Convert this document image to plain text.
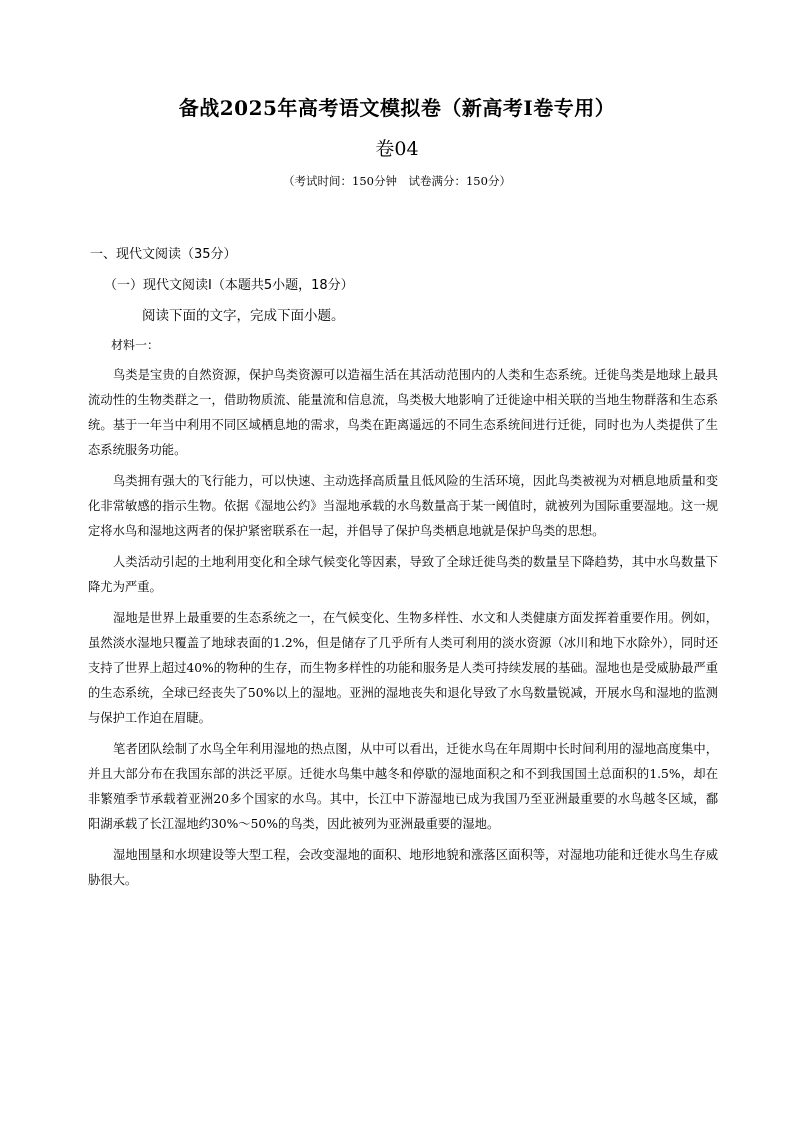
备战2025年高考语文模拟卷（新高考Ⅰ卷专用）
卷04
（考试时间：150分钟　试卷满分：150分）
一、现代文阅读（35分）
（一）现代文阅读Ⅰ（本题共5小题，18分）
阅读下面的文字，完成下面小题。
材料一：

鸟类是宝贵的自然资源，保护鸟类资源可以造福生活在其活动范围内的人类和生态系统。迁徙鸟类是地球上最具流动性的生物类群之一，借助物质流、能量流和信息流，鸟类极大地影响了迁徙途中相关联的当地生物群落和生态系统。基于一年当中利用不同区域栖息地的需求，鸟类在距离遥远的不同生态系统间进行迁徙，同时也为人类提供了生态系统服务功能。

鸟类拥有强大的飞行能力，可以快速、主动选择高质量且低风险的生活环境，因此鸟类被视为对栖息地质量和变化非常敏感的指示生物。依据《湿地公约》当湿地承载的水鸟数量高于某一阈值时，就被列为国际重要湿地。这一规定将水鸟和湿地这两者的保护紧密联系在一起，并倡导了保护鸟类栖息地就是保护鸟类的思想。

人类活动引起的土地利用变化和全球气候变化等因素，导致了全球迁徙鸟类的数量呈下降趋势，其中水鸟数量下降尤为严重。

湿地是世界上最重要的生态系统之一，在气候变化、生物多样性、水文和人类健康方面发挥着重要作用。例如，虽然淡水湿地只覆盖了地球表面的1.2%，但是储存了几乎所有人类可利用的淡水资源（冰川和地下水除外），同时还支持了世界上超过40%的物种的生存，而生物多样性的功能和服务是人类可持续发展的基础。湿地也是受威胁最严重的生态系统，全球已经丧失了50%以上的湿地。亚洲的湿地丧失和退化导致了水鸟数量锐减，开展水鸟和湿地的监测与保护工作迫在眉睫。

笔者团队绘制了水鸟全年利用湿地的热点图，从中可以看出，迁徙水鸟在年周期中长时间利用的湿地高度集中，并且大部分布在我国东部的洪泛平原。迁徙水鸟集中越冬和停歇的湿地面积之和不到我国国土总面积的1.5%，却在非繁殖季节承载着亚洲20多个国家的水鸟。其中，长江中下游湿地已成为我国乃至亚洲最重要的水鸟越冬区域，鄱阳湖承载了长江湿地约30%～50%的鸟类，因此被列为亚洲最重要的湿地。

湿地围垦和水坝建设等大型工程，会改变湿地的面积、地形地貌和涨落区面积等，对湿地功能和迁徙水鸟生存威胁很大。
